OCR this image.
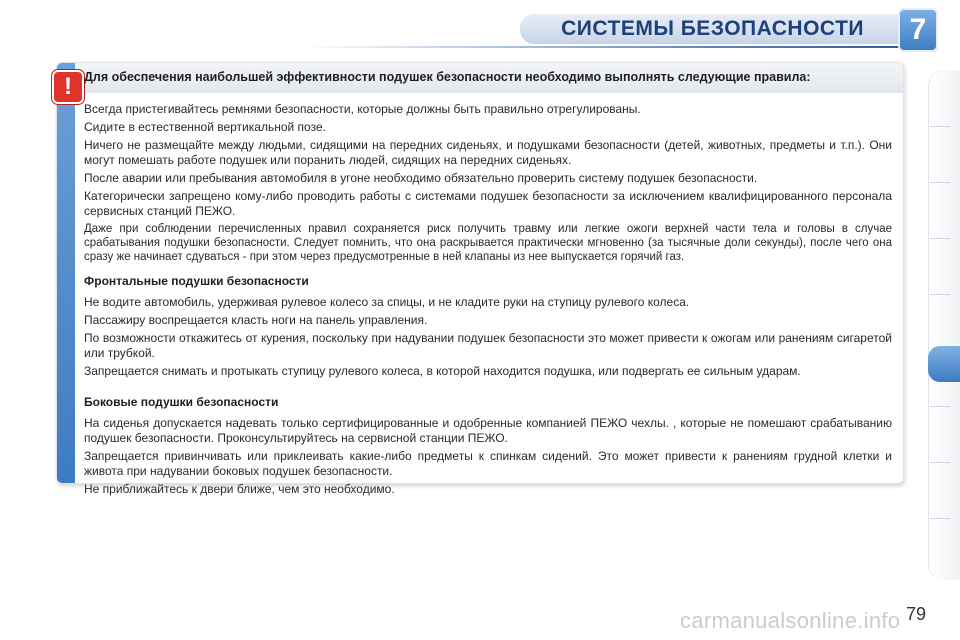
СИСТЕМЫ БЕЗОПАСНОСТИ	7
! Для обеспечения наибольшей эффективности подушек безопасности необходимо выполнять следующие правила:

Всегда пристегивайтесь ремнями безопасности, которые должны быть правильно отрегулированы.

Сидите в естественной вертикальной позе.

Ничего не размещайте между людьми, сидящими на передних сиденьях, и подушками безопасности (детей, животных, предметы и т.п.). Они могут помешать работе подушек или поранить людей, сидящих на передних сиденьях.

После аварии или пребывания автомобиля в угоне необходимо обязательно проверить систему подушек безопасности.

Категорически запрещено кому-либо проводить работы с системами подушек безопасности за исключением квалифицированного персонала сервисных станций ПЕЖО.

Даже при соблюдении перечисленных правил сохраняется риск получить травму или легкие ожоги верхней части тела и головы в случае срабатывания подушки безопасности. Следует помнить, что она раскрывается практически мгновенно (за тысячные доли секунды), после чего она сразу же начинает сдуваться - при этом через предусмотренные в ней клапаны из нее выпускается горячий газ.

Фронтальные подушки безопасности

Не водите автомобиль, удерживая рулевое колесо за спицы, и не кладите руки на ступицу рулевого колеса.

Пассажиру воспрещается класть ноги на панель управления.

По возможности откажитесь от курения, поскольку при надувании подушек безопасности это может привести к ожогам или ранениям сигаретой или трубкой.

Запрещается снимать и протыкать ступицу рулевого колеса, в которой находится подушка, или подвергать ее сильным ударам.

Боковые подушки безопасности

На сиденья допускается надевать только сертифицированные и одобренные компанией ПЕЖО чехлы. , которые не помешают срабатыванию подушек безопасности. Проконсультируйтесь на сервисной станции ПЕЖО.

Запрещается привинчивать или приклеивать какие-либо предметы к спинкам сидений. Это может привести к ранениям грудной клетки и живота при надувании боковых подушек безопасности.

Не приближайтесь к двери ближе, чем это необходимо.

carmanualsonline.info 79
